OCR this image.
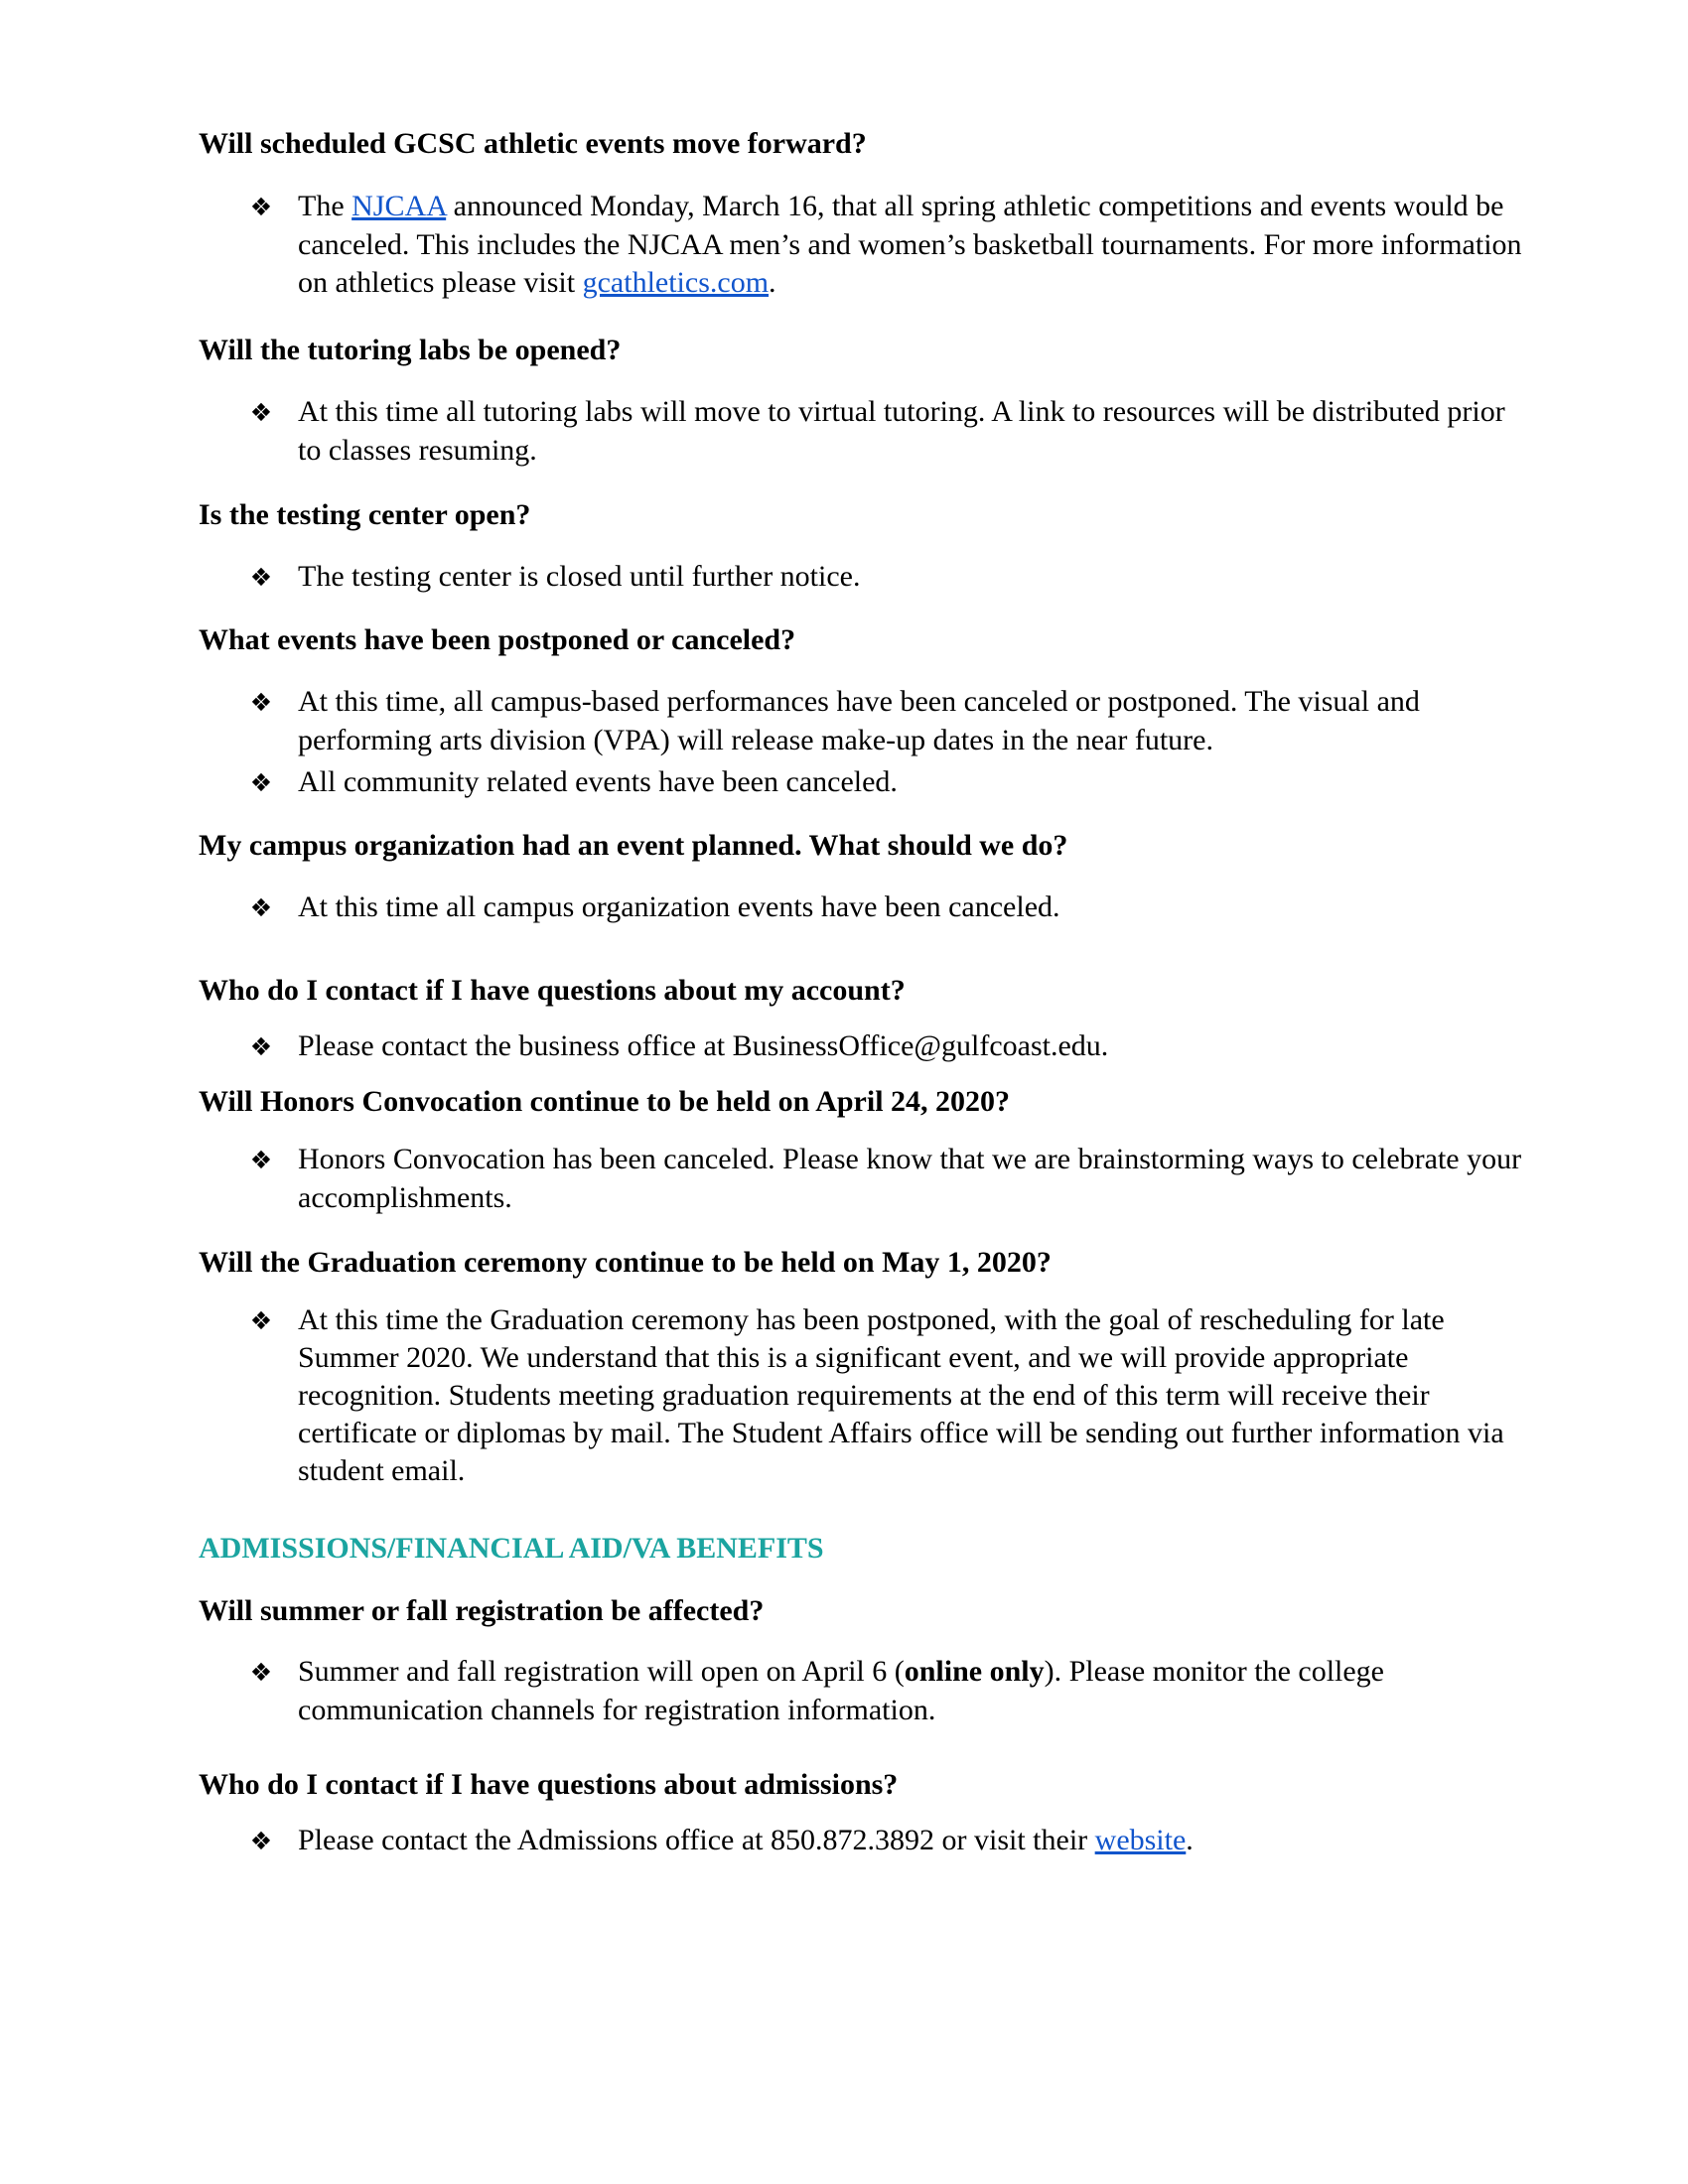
Will scheduled GCSC athletic events move forward?

❖ The NJCAA announced Monday, March 16, that all spring athletic competitions and events would be canceled. This includes the NJCAA men’s and women’s basketball tournaments. For more information on athletics please visit gcathletics.com.

Will the tutoring labs be opened?

❖ At this time all tutoring labs will move to virtual tutoring. A link to resources will be distributed prior to classes resuming.

Is the testing center open?

❖ The testing center is closed until further notice.

What events have been postponed or canceled?

❖ At this time, all campus-based performances have been canceled or postponed. The visual and performing arts division (VPA) will release make-up dates in the near future.
❖ All community related events have been canceled.

My campus organization had an event planned. What should we do?

❖ At this time all campus organization events have been canceled.

Who do I contact if I have questions about my account?

❖ Please contact the business office at BusinessOffice@gulfcoast.edu.

Will Honors Convocation continue to be held on April 24, 2020?

❖ Honors Convocation has been canceled. Please know that we are brainstorming ways to celebrate your accomplishments.

Will the Graduation ceremony continue to be held on May 1, 2020?

❖ At this time the Graduation ceremony has been postponed, with the goal of rescheduling for late Summer 2020. We understand that this is a significant event, and we will provide appropriate recognition. Students meeting graduation requirements at the end of this term will receive their certificate or diplomas by mail. The Student Affairs office will be sending out further information via student email.

ADMISSIONS/FINANCIAL AID/VA BENEFITS

Will summer or fall registration be affected?

❖ Summer and fall registration will open on April 6 (online only). Please monitor the college communication channels for registration information.

Who do I contact if I have questions about admissions?

❖ Please contact the Admissions office at 850.872.3892 or visit their website.
